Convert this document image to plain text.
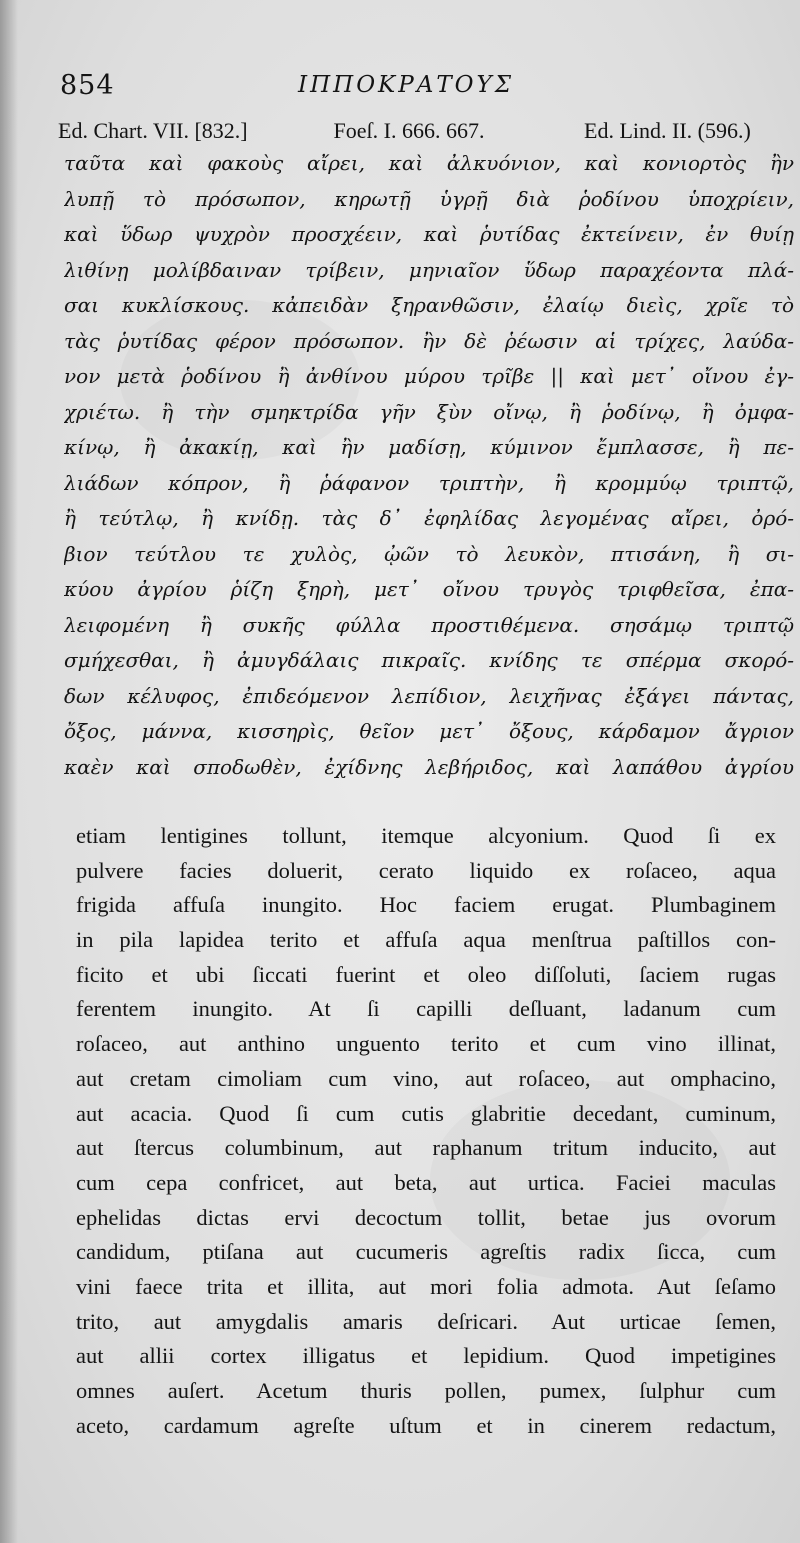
854	ΙΠΠΟΚΡΑΤΟΥΣ
Ed. Chart. VII. [832.]	Foeſ. I. 666. 667.	Ed. Lind. II. (596.)
ταῦτα καὶ φακοὺς αἴρει, καὶ ἀλκυόνιον, καὶ κονιορτὸς ἢν
λυπῇ τὸ πρόσωπον, κηρωτῇ ὑγρῇ διὰ ῥοδίνου ὑποχρίειν,
καὶ ὕδωρ ψυχρὸν προσχέειν, καὶ ῥυτίδας ἐκτείνειν, ἐν θυίῃ
λιθίνῃ μολίβδαιναν τρίβειν, μηνιαῖον ὕδωρ παραχέοντα πλά-
σαι κυκλίσκους. κἀπειδὰν ξηρανθῶσιν, ἐλαίῳ διεὶς, χρῖε τὸ
τὰς ῥυτίδας φέρον πρόσωπον. ἢν δὲ ῥέωσιν αἱ τρίχες, λαύδα-
νον μετὰ ῥοδίνου ἢ ἀνθίνου μύρου τρῖβε || καὶ μετ᾽ οἴνου ἐγ-
χριέτω. ἢ τὴν σμηκτρίδα γῆν ξὺν οἴνῳ, ἢ ῥοδίνῳ, ἢ ὀμφα-
κίνῳ, ἢ ἀκακίῃ, καὶ ἢν μαδίσῃ, κύμινον ἔμπλασσε, ἢ πε-
λιάδων κόπρον, ἢ ῥάφανον τριπτὴν, ἢ κρομμύῳ τριπτῷ,
ἢ τεύτλῳ, ἢ κνίδῃ. τὰς δ᾽ ἐφηλίδας λεγομένας αἴρει, ὀρό-
βιον τεύτλου τε χυλὸς, ᾠῶν τὸ λευκὸν, πτισάνη, ἢ σι-
κύου ἀγρίου ῥίζη ξηρὴ, μετ᾽ οἴνου τρυγὸς τριφθεῖσα, ἐπα-
λειφομένη ἢ συκῆς φύλλα προστιθέμενα. σησάμῳ τριπτῷ
σμήχεσθαι, ἢ ἀμυγδάλαις πικραῖς. κνίδης τε σπέρμα σκορό-
δων κέλυφος, ἐπιδεόμενον λεπίδιον, λειχῆνας ἐξάγει πάντας,
ὄξος, μάννα, κισσηρὶς, θεῖον μετ᾽ ὄξους, κάρδαμον ἄγριον
καὲν καὶ σποδωθὲν, ἐχίδνης λεβήριδος, καὶ λαπάθου ἀγρίου
etiam lentigines tollunt, itemque alcyonium. Quod ſi ex
pulvere facies doluerit, cerato liquido ex roſaceo, aqua
frigida affuſa inungito. Hoc faciem erugat. Plumbaginem
in pila lapidea terito et affuſa aqua menſtrua paſtillos con-
ficito et ubi ſiccati fuerint et oleo diſſoluti, ſaciem rugas
ferentem inungito. At ſi capilli deſluant, ladanum cum
roſaceo, aut anthino unguento terito et cum vino illinat,
aut cretam cimoliam cum vino, aut roſaceo, aut omphacino,
aut acacia. Quod ſi cum cutis glabritie decedant, cuminum,
aut ſtercus columbinum, aut raphanum tritum inducito, aut
cum cepa confricet, aut beta, aut urtica. Faciei maculas
ephelidas dictas ervi decoctum tollit, betae jus ovorum
candidum, ptiſana aut cucumeris agreſtis radix ſicca, cum
vini faece trita et illita, aut mori folia admota. Aut ſeſamo
trito, aut amygdalis amaris deſricari. Aut urticae ſemen,
aut allii cortex illigatus et lepidium. Quod impetigines
omnes auſert. Acetum thuris pollen, pumex, ſulphur cum
aceto, cardamum agreſte uſtum et in cinerem redactum,
